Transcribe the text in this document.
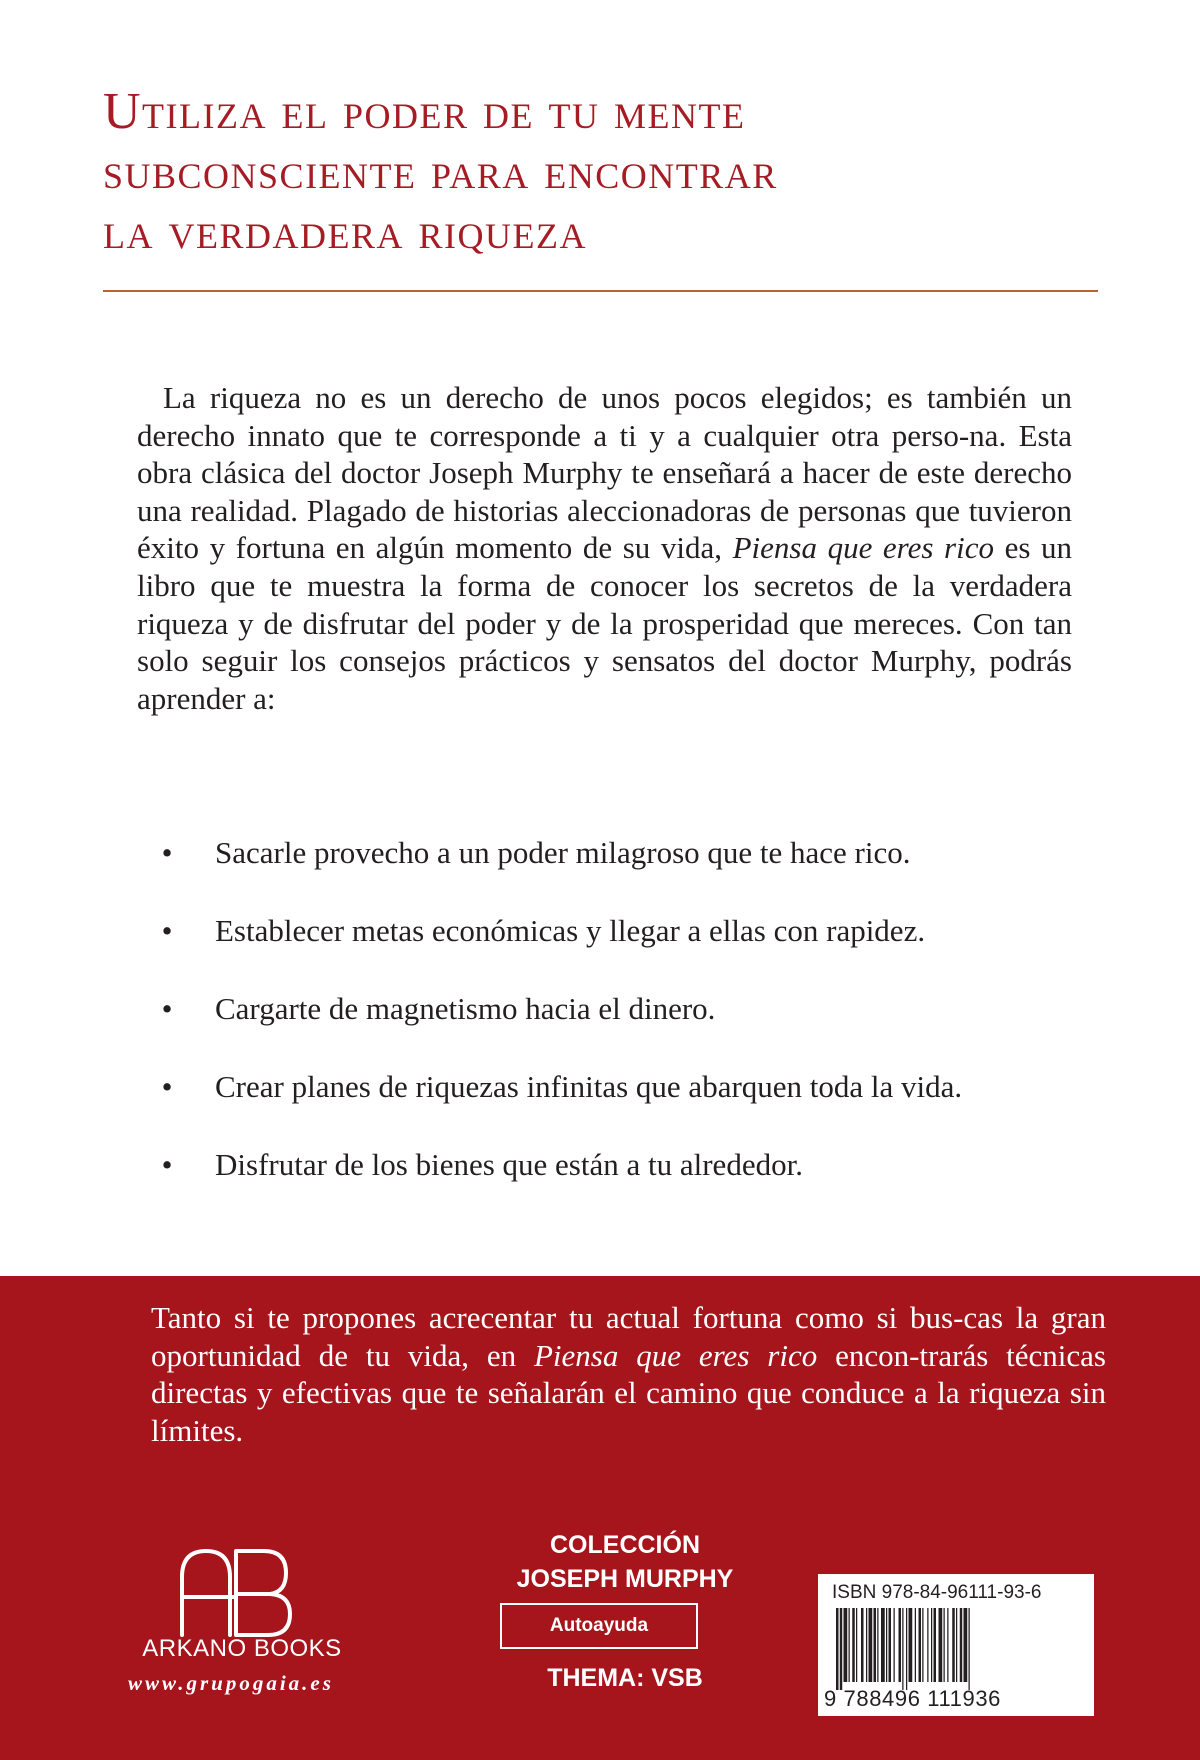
Utiliza el poder de tu mente
subconsciente para encontrar
la verdadera riqueza

La riqueza no es un derecho de unos pocos elegidos; es también un derecho innato que te corresponde a ti y a cualquier otra perso-na. Esta obra clásica del doctor Joseph Murphy te enseñará a hacer de este derecho una realidad. Plagado de historias aleccionadoras de personas que tuvieron éxito y fortuna en algún momento de su vida, Piensa que eres rico es un libro que te muestra la forma de conocer los secretos de la verdadera riqueza y de disfrutar del poder y de la prosperidad que mereces. Con tan solo seguir los consejos prácticos y sensatos del doctor Murphy, podrás aprender a:

• Sacarle provecho a un poder milagroso que te hace rico.
• Establecer metas económicas y llegar a ellas con rapidez.
• Cargarte de magnetismo hacia el dinero.
• Crear planes de riquezas infinitas que abarquen toda la vida.
• Disfrutar de los bienes que están a tu alrededor.

Tanto si te propones acrecentar tu actual fortuna como si bus-cas la gran oportunidad de tu vida, en Piensa que eres rico encon-trarás técnicas directas y efectivas que te señalarán el camino que conduce a la riqueza sin límites.

ARKANO BOOKS
www.grupogaia.es
COLECCIÓN
JOSEPH MURPHY
Autoayuda
THEMA: VSB
ISBN 978-84-96111-93-6
9 788496 111936
